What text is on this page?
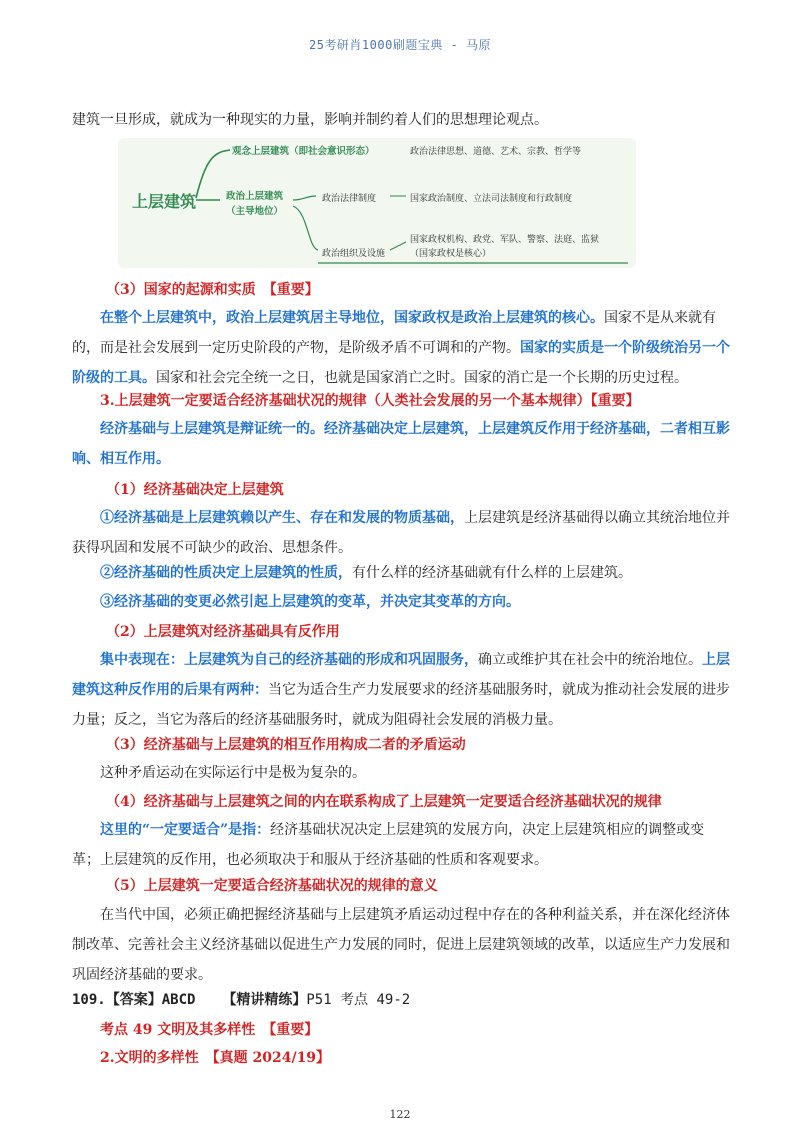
25考研肖1000刷题宝典 - 马原
建筑一旦形成，就成为一种现实的力量，影响并制约着人们的思想理论观点。
上层建筑
观念上层建筑（即社会意识形态）	政治法律思想、道德、艺术、宗教、哲学等
政治上层建筑
（主导地位）
政治法律制度	国家政治制度、立法司法制度和行政制度
政治组织及设施
国家政权机构、政党、军队、警察、法庭、监狱
（国家政权是核心）
（3）国家的起源和实质　【重要】
在整个上层建筑中，政治上层建筑居主导地位，国家政权是政治上层建筑的核心。国家不是从来就有的，而是社会发展到一定历史阶段的产物，是阶级矛盾不可调和的产物。国家的实质是一个阶级统治另一个阶级的工具。国家和社会完全统一之日，也就是国家消亡之时。国家的消亡是一个长期的历史过程。
3.上层建筑一定要适合经济基础状况的规律（人类社会发展的另一个基本规律）【重要】
经济基础与上层建筑是辩证统一的。经济基础决定上层建筑，上层建筑反作用于经济基础，二者相互影响、相互作用。
（1）经济基础决定上层建筑
①经济基础是上层建筑赖以产生、存在和发展的物质基础，上层建筑是经济基础得以确立其统治地位并获得巩固和发展不可缺少的政治、思想条件。
②经济基础的性质决定上层建筑的性质，有什么样的经济基础就有什么样的上层建筑。
③经济基础的变更必然引起上层建筑的变革，并决定其变革的方向。
（2）上层建筑对经济基础具有反作用
集中表现在：上层建筑为自己的经济基础的形成和巩固服务，确立或维护其在社会中的统治地位。上层建筑这种反作用的后果有两种：当它为适合生产力发展要求的经济基础服务时，就成为推动社会发展的进步力量；反之，当它为落后的经济基础服务时，就成为阻碍社会发展的消极力量。
（3）经济基础与上层建筑的相互作用构成二者的矛盾运动
这种矛盾运动在实际运行中是极为复杂的。
（4）经济基础与上层建筑之间的内在联系构成了上层建筑一定要适合经济基础状况的规律
这里的“一定要适合”是指：经济基础状况决定上层建筑的发展方向，决定上层建筑相应的调整或变革；上层建筑的反作用，也必须取决于和服从于经济基础的性质和客观要求。
（5）上层建筑一定要适合经济基础状况的规律的意义
在当代中国，必须正确把握经济基础与上层建筑矛盾运动过程中存在的各种利益关系，并在深化经济体制改革、完善社会主义经济基础以促进生产力发展的同时，促进上层建筑领域的改革，以适应生产力发展和巩固经济基础的要求。
109.【答案】ABCD 【精讲精练】P51 考点 49-2
考点 49 文明及其多样性　【重要】
2.文明的多样性　【真题 2024/19】
122
